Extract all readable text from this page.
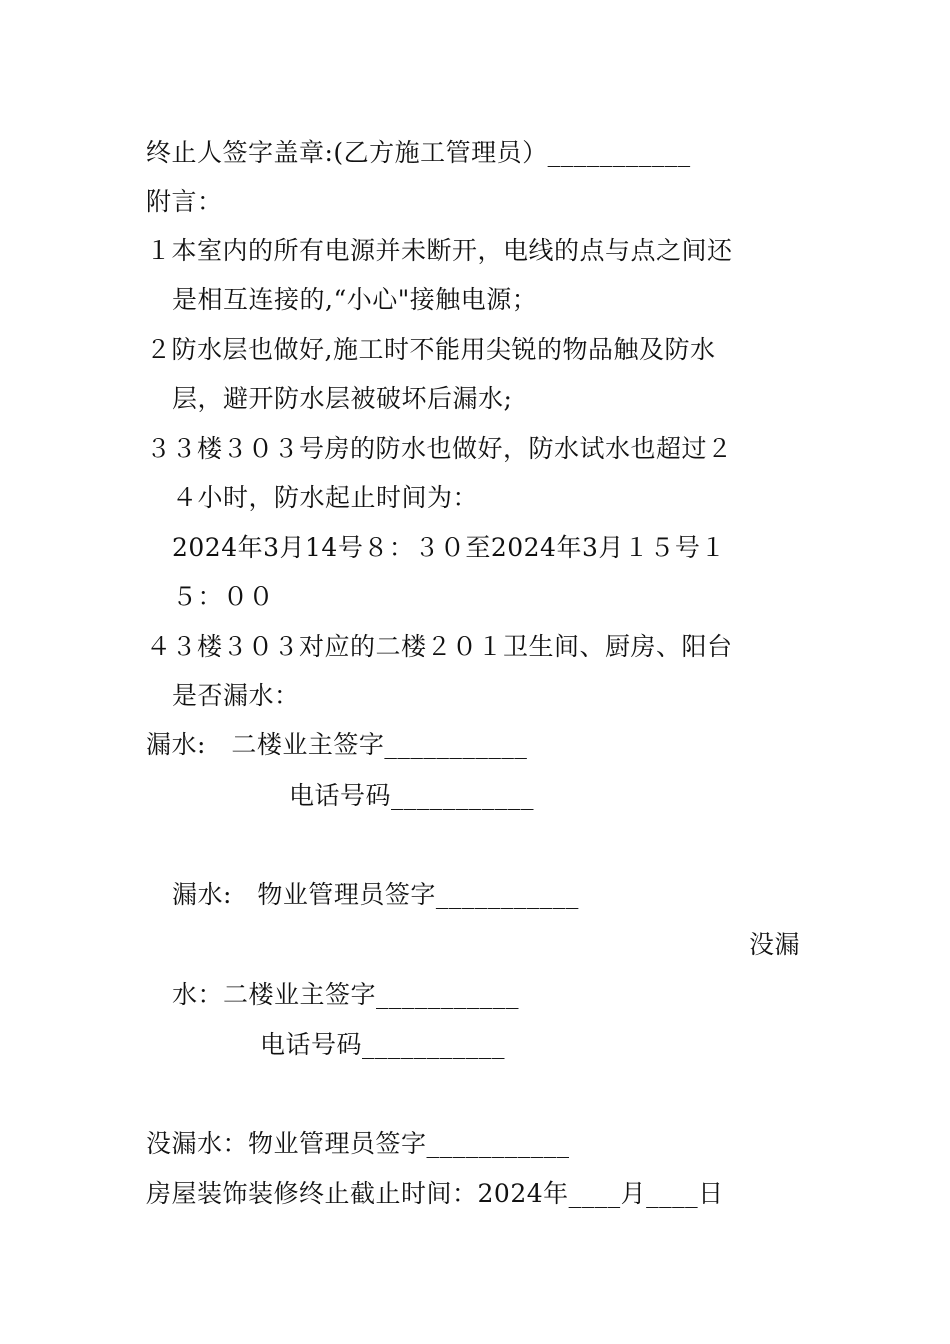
终止人签字盖章:(乙方施工管理员）___________
附言：
１本室内的所有电源并未断开，电线的点与点之间还
是相互连接的,“小心"接触电源；
２防水层也做好,施工时不能用尖锐的物品触及防水
层，避开防水层被破坏后漏水;
３３楼３０３号房的防水也做好，防水试水也超过２
４小时，防水起止时间为：
2024年3月14号８：３０至2024年3月１５号１
５：００
４３楼３０３对应的二楼２０１卫生间、厨房、阳台
是否漏水：
漏水:　二楼业主签字___________
电话号码___________
漏水:　物业管理员签字___________
没漏
水：二楼业主签字___________
电话号码___________
没漏水：物业管理员签字___________
房屋装饰装修终止截止时间：2024年____月____日
